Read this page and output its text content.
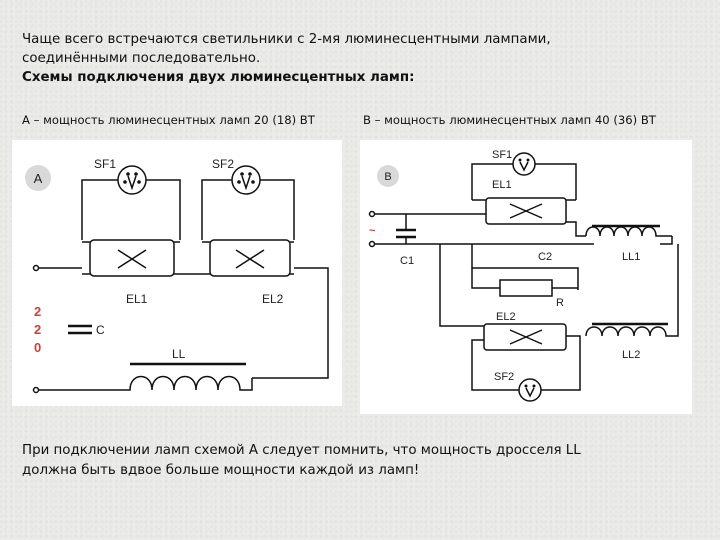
Чаще всего встречаются светильники с 2-мя люминесцентными лампами,
соединёнными последовательно.
Схемы подключения двух люминесцентных ламп:
А – мощность люминесцентных ламп 20 (18) ВТ	В – мощность люминесцентных ламп 40 (36) ВТ
A
SF1	SF2
EL1	EL2
2
2
0
C
LL
B
SF1
EL1
~
C1	LL1
C2
R
EL2
LL2
SF2
При подключении ламп схемой А следует помнить, что мощность дросселя LL
должна быть вдвое больше мощности каждой из ламп!
